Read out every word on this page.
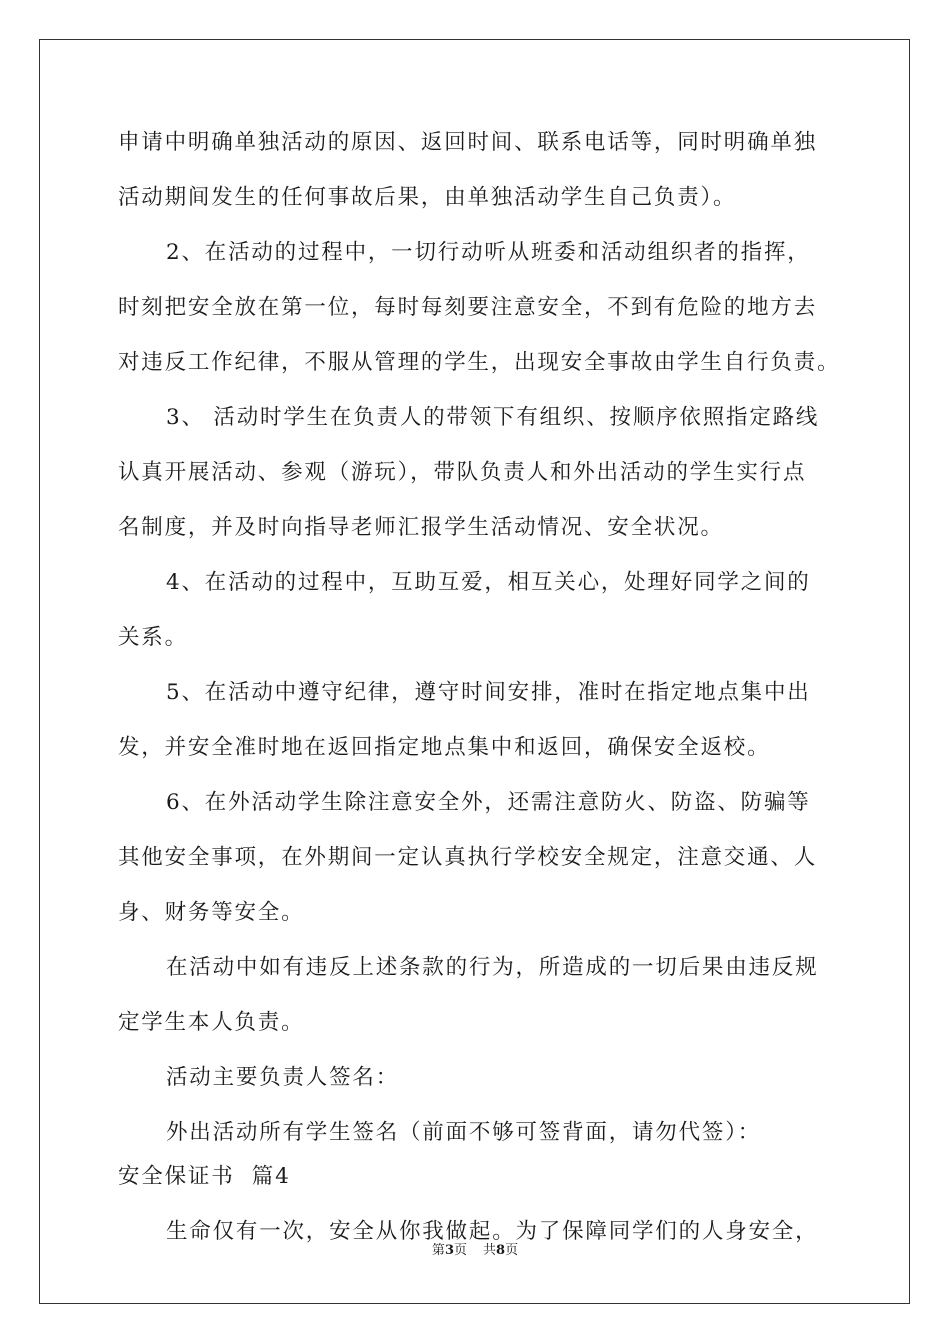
申请中明确单独活动的原因、返回时间、联系电话等，同时明确单独
活动期间发生的任何事故后果，由单独活动学生自己负责）。
2、在活动的过程中，一切行动听从班委和活动组织者的指挥，
时刻把安全放在第一位，每时每刻要注意安全，不到有危险的地方去
对违反工作纪律，不服从管理的学生，出现安全事故由学生自行负责。
3、 活动时学生在负责人的带领下有组织、按顺序依照指定路线
认真开展活动、参观（游玩），带队负责人和外出活动的学生实行点
名制度，并及时向指导老师汇报学生活动情况、安全状况。
4、在活动的过程中，互助互爱，相互关心，处理好同学之间的
关系。
5、在活动中遵守纪律，遵守时间安排，准时在指定地点集中出
发，并安全准时地在返回指定地点集中和返回，确保安全返校。
6、在外活动学生除注意安全外，还需注意防火、防盗、防骗等
其他安全事项，在外期间一定认真执行学校安全规定，注意交通、人
身、财务等安全。
在活动中如有违反上述条款的行为，所造成的一切后果由违反规
定学生本人负责。
活动主要负责人签名：
外出活动所有学生签名（前面不够可签背面，请勿代签）：
安全保证书  篇4
生命仅有一次，安全从你我做起。为了保障同学们的人身安全，
第3页 共8页
